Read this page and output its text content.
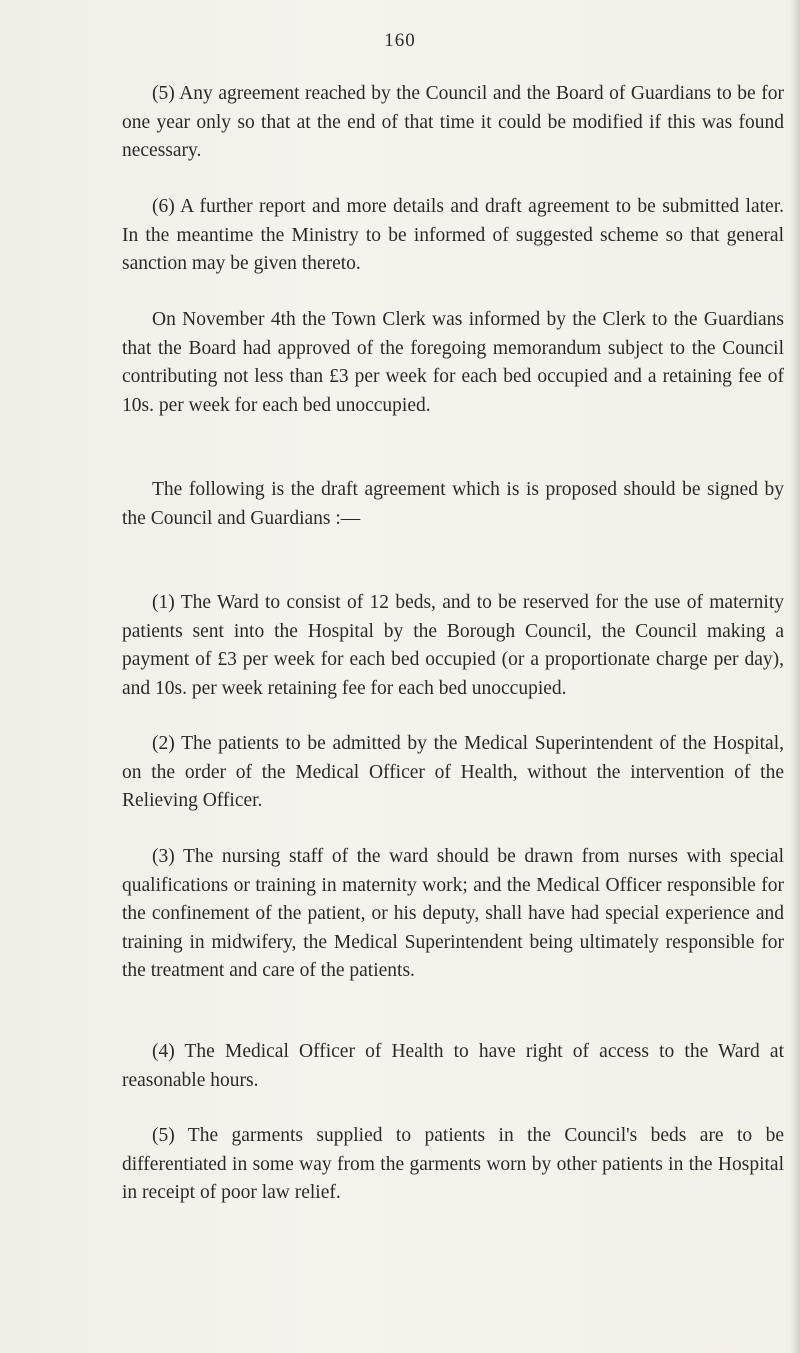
160

(5) Any agreement reached by the Council and the Board of Guardians to be for one year only so that at the end of that time it could be modified if this was found necessary.

(6) A further report and more details and draft agreement to be submitted later. In the meantime the Ministry to be informed of suggested scheme so that general sanction may be given thereto.

On November 4th the Town Clerk was informed by the Clerk to the Guardians that the Board had approved of the foregoing memorandum subject to the Council contributing not less than £3 per week for each bed occupied and a retaining fee of 10s. per week for each bed unoccupied.

The following is the draft agreement which is is proposed should be signed by the Council and Guardians :—

(1) The Ward to consist of 12 beds, and to be reserved for the use of maternity patients sent into the Hospital by the Borough Council, the Council making a payment of £3 per week for each bed occupied (or a proportionate charge per day), and 10s. per week retaining fee for each bed unoccupied.

(2) The patients to be admitted by the Medical Superintendent of the Hospital, on the order of the Medical Officer of Health, without the intervention of the Relieving Officer.

(3) The nursing staff of the ward should be drawn from nurses with special qualifications or training in maternity work; and the Medical Officer responsible for the confinement of the patient, or his deputy, shall have had special experience and training in midwifery, the Medical Superintendent being ultimately responsible for the treatment and care of the patients.

(4) The Medical Officer of Health to have right of access to the Ward at reasonable hours.

(5) The garments supplied to patients in the Council's beds are to be differentiated in some way from the garments worn by other patients in the Hospital in receipt of poor law relief.
